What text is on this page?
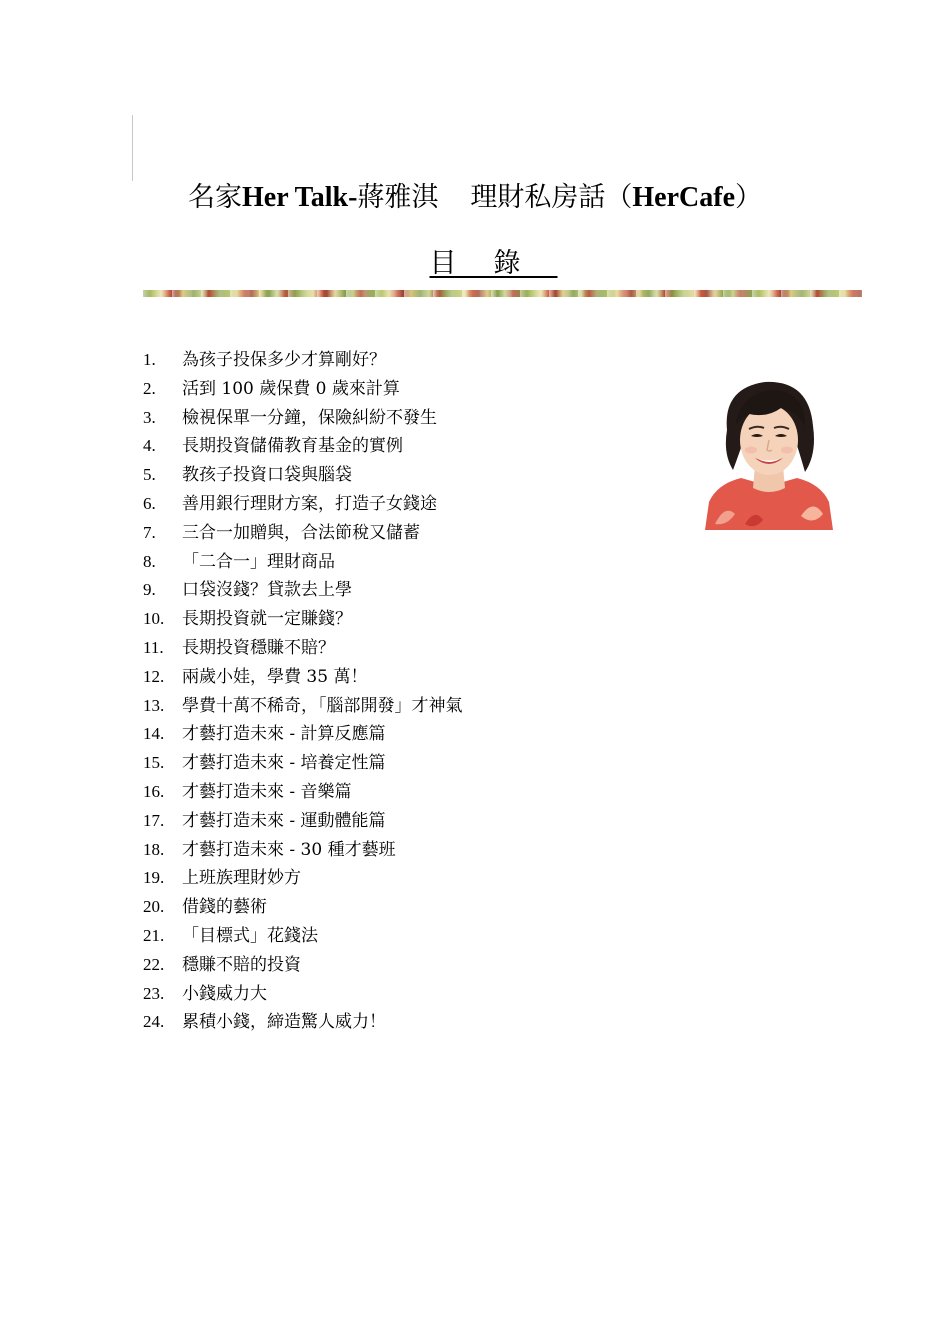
名家Her Talk-蔣雅淇 理財私房話（HerCafe）
目錄
1. 為孩子投保多少才算剛好？
2. 活到 100 歲保費 0 歲來計算
3. 檢視保單一分鐘，保險糾紛不發生
4. 長期投資儲備教育基金的實例
5. 教孩子投資口袋與腦袋
6. 善用銀行理財方案，打造子女錢途
7. 三合一加贈與，合法節稅又儲蓄
8. 「二合一」理財商品
9. 口袋沒錢？貸款去上學
10. 長期投資就一定賺錢？
11. 長期投資穩賺不賠？
12. 兩歲小娃，學費 35 萬！
13. 學費十萬不稀奇，「腦部開發」才神氣
14. 才藝打造未來 - 計算反應篇
15. 才藝打造未來 - 培養定性篇
16. 才藝打造未來 - 音樂篇
17. 才藝打造未來 - 運動體能篇
18. 才藝打造未來 - 30 種才藝班
19. 上班族理財妙方
20. 借錢的藝術
21. 「目標式」花錢法
22. 穩賺不賠的投資
23. 小錢威力大
24. 累積小錢，締造驚人威力！
